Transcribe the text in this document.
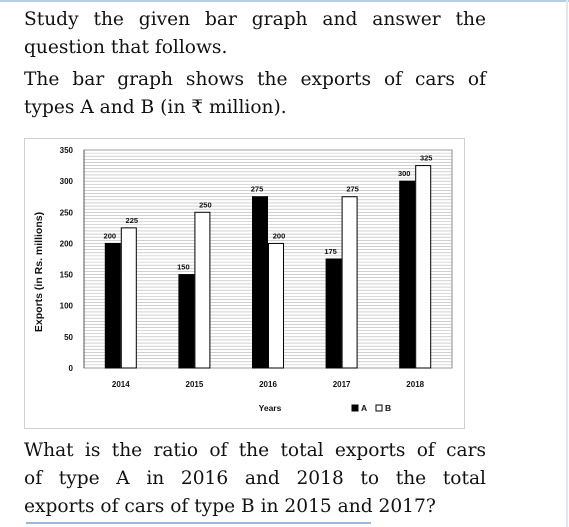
Study the given bar graph and answer the
question that follows.
The bar graph shows the exports of cars of
types A and B (in ₹ million).
0
50
100
150
200
250
300
350
Exports (in Rs. millions)	200
225
2014
150
250
2015
275
200
2016
175
275
2017
300
325
2018
Years	A B
What is the ratio of the total exports of cars
of type A in 2016 and 2018 to the total
exports of cars of type B in 2015 and 2017?
